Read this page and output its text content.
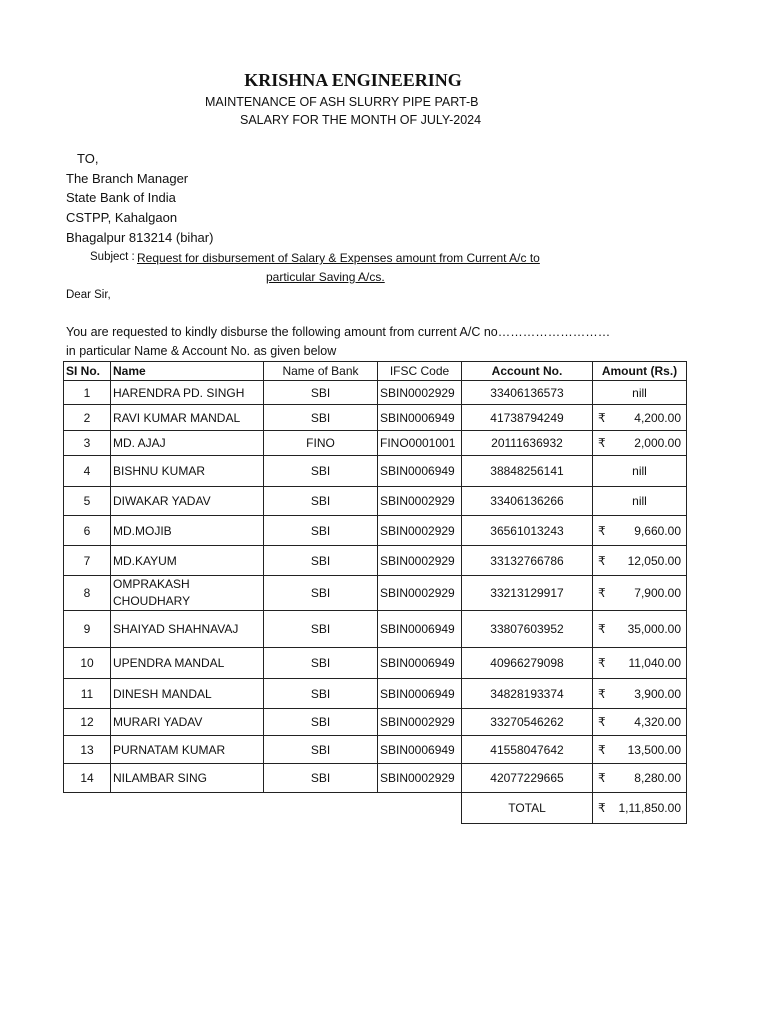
KRISHNA ENGINEERING
MAINTENANCE OF ASH SLURRY PIPE PART-B
SALARY FOR THE MONTH OF JULY-2024
TO,
The Branch Manager
State Bank of India
CSTPP, Kahalgaon
Bhagalpur 813214 (bihar)
Subject : Request for disbursement of Salary & Expenses amount from Current A/c to
particular Saving A/cs.
Dear Sir,
You are requested to kindly disburse the following amount from current A/C no………………………
in particular Name & Account No. as given below
SI No.	Name	Name of Bank	IFSC Code	Account No.	Amount (Rs.)
1	HARENDRA PD. SINGH	SBI	SBIN0002929	33406136573	nill
2	RAVI KUMAR MANDAL	SBI	SBIN0006949	41738794249	₹ 4,200.00

3	MD. AJAJ	FINO	FINO0001001	20111636932	₹ 2,000.00

4	BISHNU KUMAR	SBI	SBIN0006949	38848256141	nill
5	DIWAKAR YADAV	SBI	SBIN0002929	33406136266	nill
6	MD.MOJIB	SBI	SBIN0002929	36561013243	₹ 9,660.00

7	MD.KAYUM	SBI	SBIN0002929	33132766786	₹ 12,050.00

8	OMPRAKASH CHOUDHARY	SBI	SBIN0002929	33213129917	₹ 7,900.00

9	SHAIYAD SHAHNAVAJ	SBI	SBIN0006949	33807603952	₹ 35,000.00

10	UPENDRA MANDAL	SBI	SBIN0006949	40966279098	₹ 11,040.00

11	DINESH MANDAL	SBI	SBIN0006949	34828193374	₹ 3,900.00

12	MURARI YADAV	SBI	SBIN0002929	33270546262	₹ 4,320.00

13	PURNATAM KUMAR	SBI	SBIN0006949	41558047642	₹ 13,500.00

14	NILAMBAR SING	SBI	SBIN0002929	42077229665	₹ 8,280.00

				TOTAL	₹ 1,11,850.00
